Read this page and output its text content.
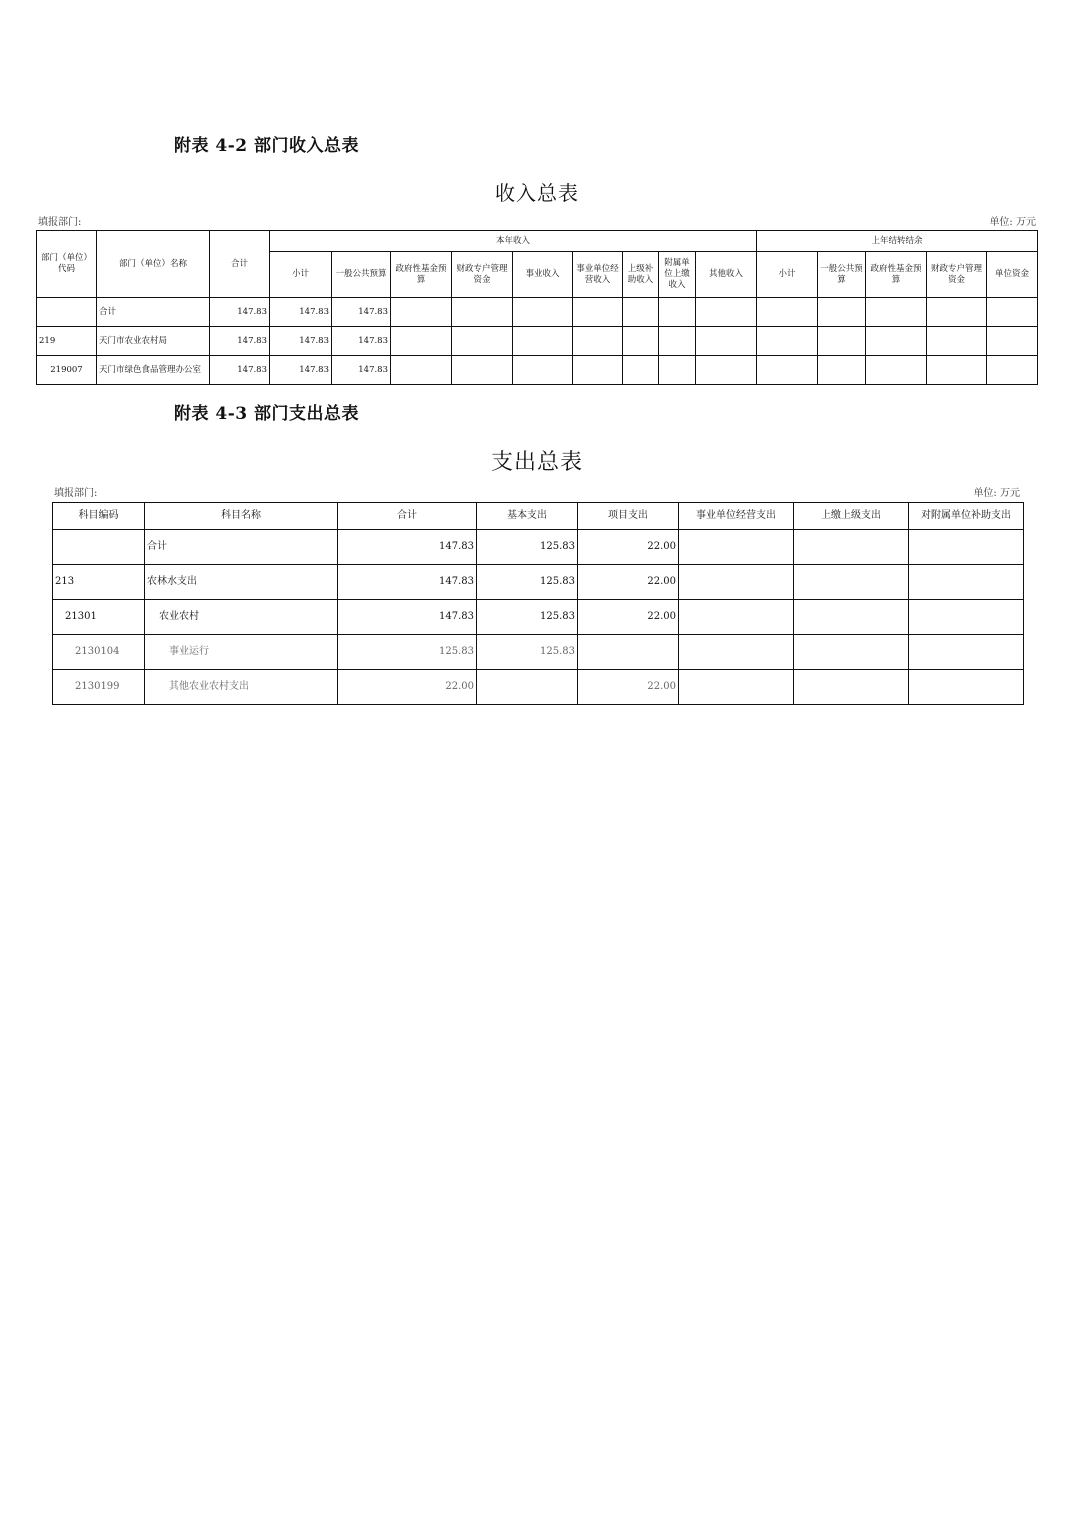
附表 4-2 部门收入总表
收入总表
填报部门:	单位: 万元
部门（单位）代码	部门（单位）名称	合计	本年收入									上年结转结余				
			小计	一般公共预算	政府性基金预算	财政专户管理资金	事业收入	事业单位经营收入	上级补助收入	附属单位上缴收入	其他收入	小计	一般公共预算	政府性基金预算	财政专户管理资金	单位资金
	合计	147.83	147.83	147.83												
219	天门市农业农村局	147.83	147.83	147.83												
219007	天门市绿色食品管理办公室	147.83	147.83	147.83												
附表 4-3 部门支出总表
支出总表
填报部门:	单位: 万元
科目编码	科目名称	合计	基本支出	项目支出	事业单位经营支出	上缴上级支出	对附属单位补助支出
	合计	147.83	125.83	22.00			
213	农林水支出	147.83	125.83	22.00			
21301	农业农村	147.83	125.83	22.00			
2130104	事业运行	125.83	125.83				
2130199	其他农业农村支出	22.00		22.00			
